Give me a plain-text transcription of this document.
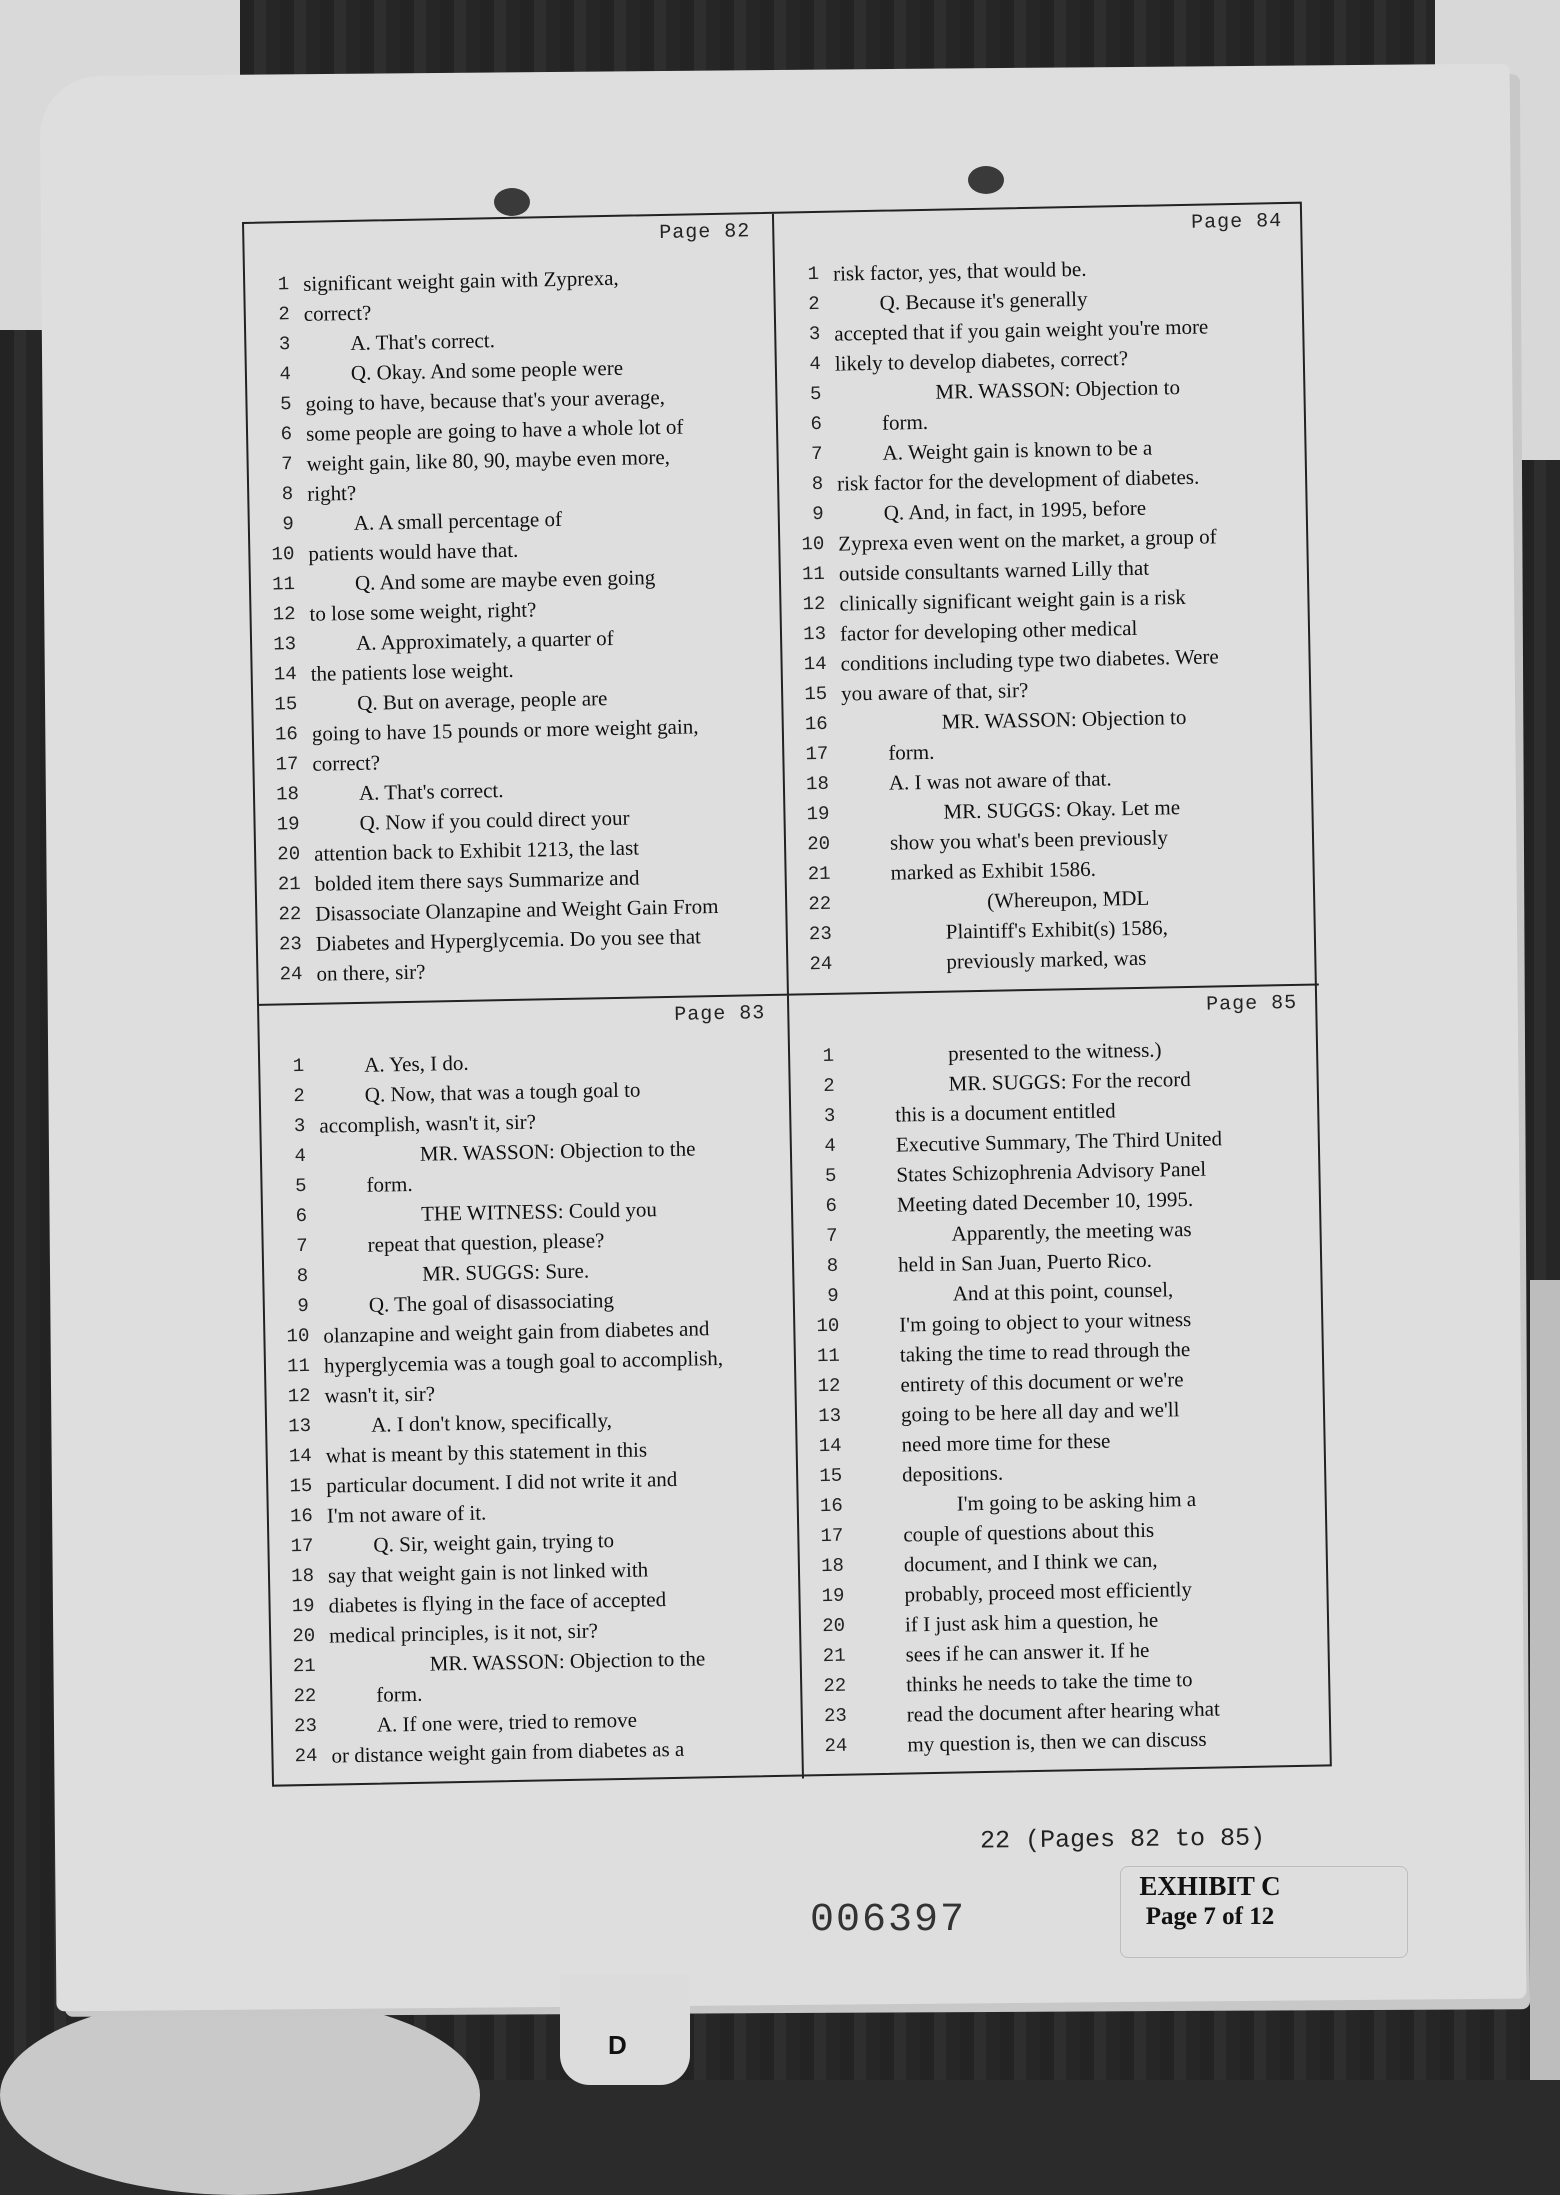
Page 82
1 significant weight gain with Zyprexa,
2 correct?
3	A. That's correct.
4	Q. Okay. And some people were
5 going to have, because that's your average,
6 some people are going to have a whole lot of
7 weight gain, like 80, 90, maybe even more,
8 right?
9	A. A small percentage of
10 patients would have that.
11	Q. And some are maybe even going
12 to lose some weight, right?
13	A. Approximately, a quarter of
14 the patients lose weight.
15	Q. But on average, people are
16 going to have 15 pounds or more weight gain,
17 correct?
18	A. That's correct.
19	Q. Now if you could direct your
20 attention back to Exhibit 1213, the last
21 bolded item there says Summarize and
22 Disassociate Olanzapine and Weight Gain From
23 Diabetes and Hyperglycemia. Do you see that
24 on there, sir?
Page 84
1 risk factor, yes, that would be.
2	Q. Because it's generally
3 accepted that if you gain weight you're more
4 likely to develop diabetes, correct?
5	MR. WASSON: Objection to
6	form.
7	A. Weight gain is known to be a
8 risk factor for the development of diabetes.
9	Q. And, in fact, in 1995, before
10 Zyprexa even went on the market, a group of
11 outside consultants warned Lilly that
12 clinically significant weight gain is a risk
13 factor for developing other medical
14 conditions including type two diabetes. Were
15 you aware of that, sir?
16	MR. WASSON: Objection to
17	form.
18	A. I was not aware of that.
19	MR. SUGGS: Okay. Let me
20	show you what's been previously
21	marked as Exhibit 1586.
22	(Whereupon, MDL
23	Plaintiff's Exhibit(s) 1586,
24	previously marked, was
Page 83
1	A. Yes, I do.
2	Q. Now, that was a tough goal to
3 accomplish, wasn't it, sir?
4	MR. WASSON: Objection to the
5	form.
6	THE WITNESS: Could you
7	repeat that question, please?
8	MR. SUGGS: Sure.
9	Q. The goal of disassociating
10 olanzapine and weight gain from diabetes and
11 hyperglycemia was a tough goal to accomplish,
12 wasn't it, sir?
13	A. I don't know, specifically,
14 what is meant by this statement in this
15 particular document. I did not write it and
16 I'm not aware of it.
17	Q. Sir, weight gain, trying to
18 say that weight gain is not linked with
19 diabetes is flying in the face of accepted
20 medical principles, is it not, sir?
21	MR. WASSON: Objection to the
22	form.
23	A. If one were, tried to remove
24 or distance weight gain from diabetes as a
Page 85
1	presented to the witness.)
2	MR. SUGGS: For the record
3	this is a document entitled
4	Executive Summary, The Third United
5	States Schizophrenia Advisory Panel
6	Meeting dated December 10, 1995.
7	Apparently, the meeting was
8	held in San Juan, Puerto Rico.
9	And at this point, counsel,
10	I'm going to object to your witness
11	taking the time to read through the
12	entirety of this document or we're
13	going to be here all day and we'll
14	need more time for these
15	depositions.
16	I'm going to be asking him a
17	couple of questions about this
18	document, and I think we can,
19	probably, proceed most efficiently
20	if I just ask him a question, he
21	sees if he can answer it. If he
22	thinks he needs to take the time to
23	read the document after hearing what
24	my question is, then we can discuss
22 (Pages 82 to 85)
EXHIBIT C
Page 7 of 12
006397
D
